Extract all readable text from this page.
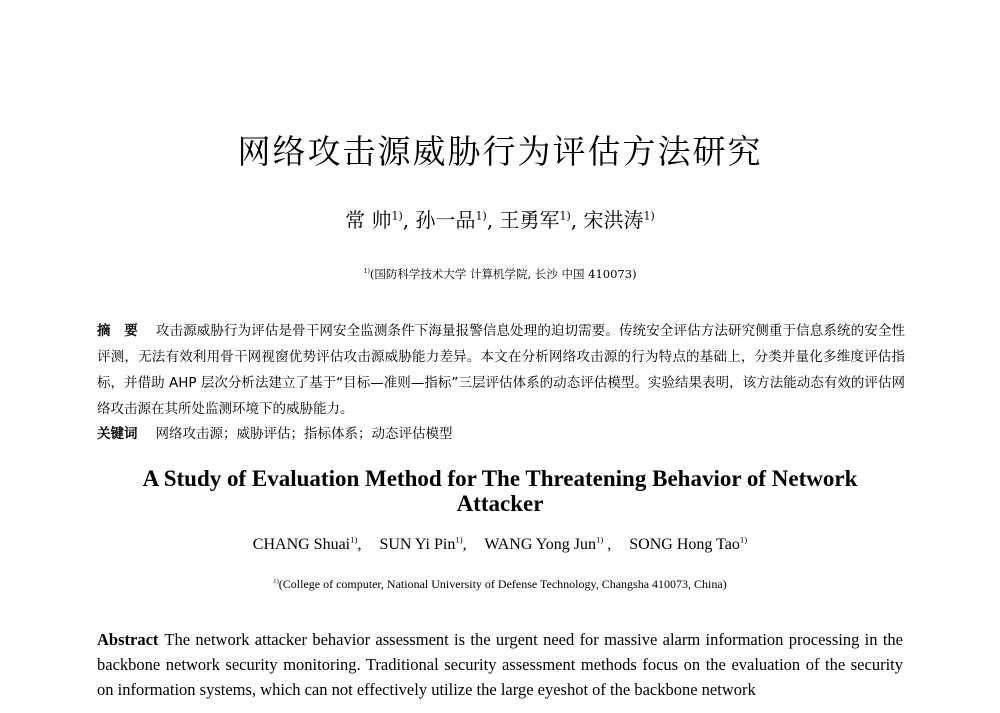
网络攻击源威胁行为评估方法研究
常 帅$^{1)}$, 孙一品$^{1)}$, 王勇军$^{1)}$, 宋洪涛$^{1)}$
$^{1)}$(国防科学技术大学 计算机学院, 长沙 中国 410073)

摘　要 攻击源威胁行为评估是骨干网安全监测条件下海量报警信息处理的迫切需要。传统安全评估方法研究侧重于信息系统的安全性评测，无法有效利用骨干网视窗优势评估攻击源威胁能力差异。本文在分析网络攻击源的行为特点的基础上，分类并量化多维度评估指标，并借助 AHP 层次分析法建立了基于“目标—准则—指标”三层评估体系的动态评估模型。实验结果表明，该方法能动态有效的评估网络攻击源在其所处监测环境下的威胁能力。

关键词 网络攻击源；威胁评估；指标体系；动态评估模型
A Study of Evaluation Method for The Threatening Behavior of Network Attacker
CHANG Shuai$^{1)}$, SUN Yi Pin$^{1)}$, WANG Yong Jun$^{1)}$ , SONG Hong Tao$^{1)}$
$^{1)}$(College of computer, National University of Defense Technology, Changsha 410073, China)

Abstract The network attacker behavior assessment is the urgent need for massive alarm information processing in the backbone network security monitoring. Traditional security assessment methods focus on the evaluation of the security on information systems, which can not effectively utilize the large eyeshot of the backbone network
